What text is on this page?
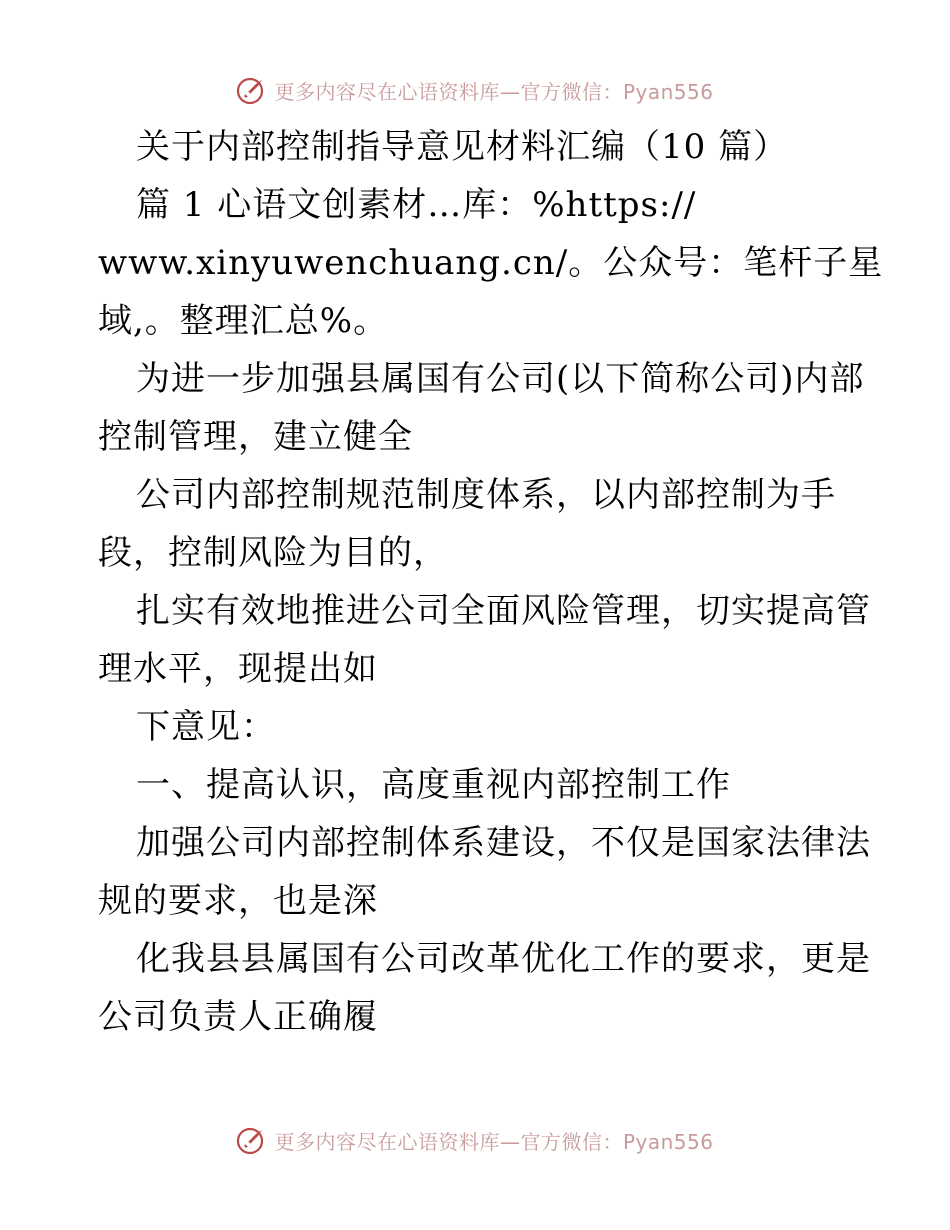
更多内容尽在心语资料库—官方微信：Pyan556
关于内部控制指导意见材料汇编（10 篇）
篇 1 心语文创素材…库：%https://
www.xinyuwenchuang.cn/。公众号：笔杆子星
域,。整理汇总%。
为进一步加强县属国有公司(以下简称公司)内部
控制管理，建立健全
公司内部控制规范制度体系，以内部控制为手
段，控制风险为目的，
扎实有效地推进公司全面风险管理，切实提高管
理水平，现提出如
下意见：
一、提高认识，高度重视内部控制工作
加强公司内部控制体系建设，不仅是国家法律法
规的要求，也是深
化我县县属国有公司改革优化工作的要求，更是
公司负责人正确履
更多内容尽在心语资料库—官方微信：Pyan556
